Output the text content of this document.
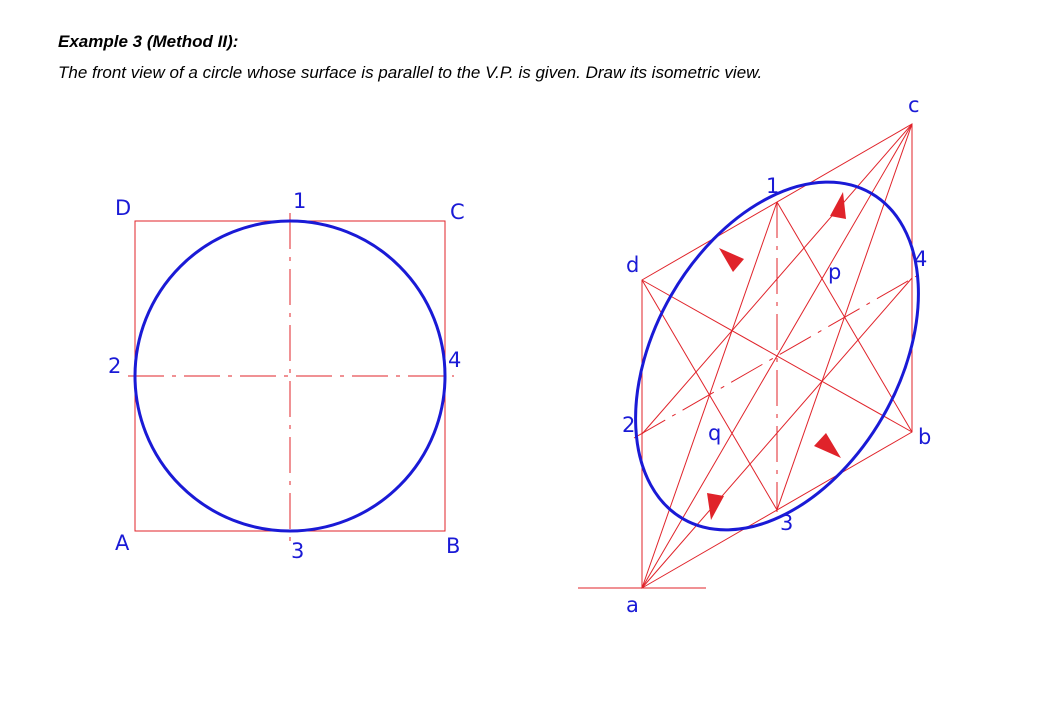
Example 3 (Method II):
The front view of a circle whose surface is parallel to the V.P. is given. Draw its isometric view.
D	C
A	B
1
2	4
3
c
d
b
a
1
2
4
3
p
q
